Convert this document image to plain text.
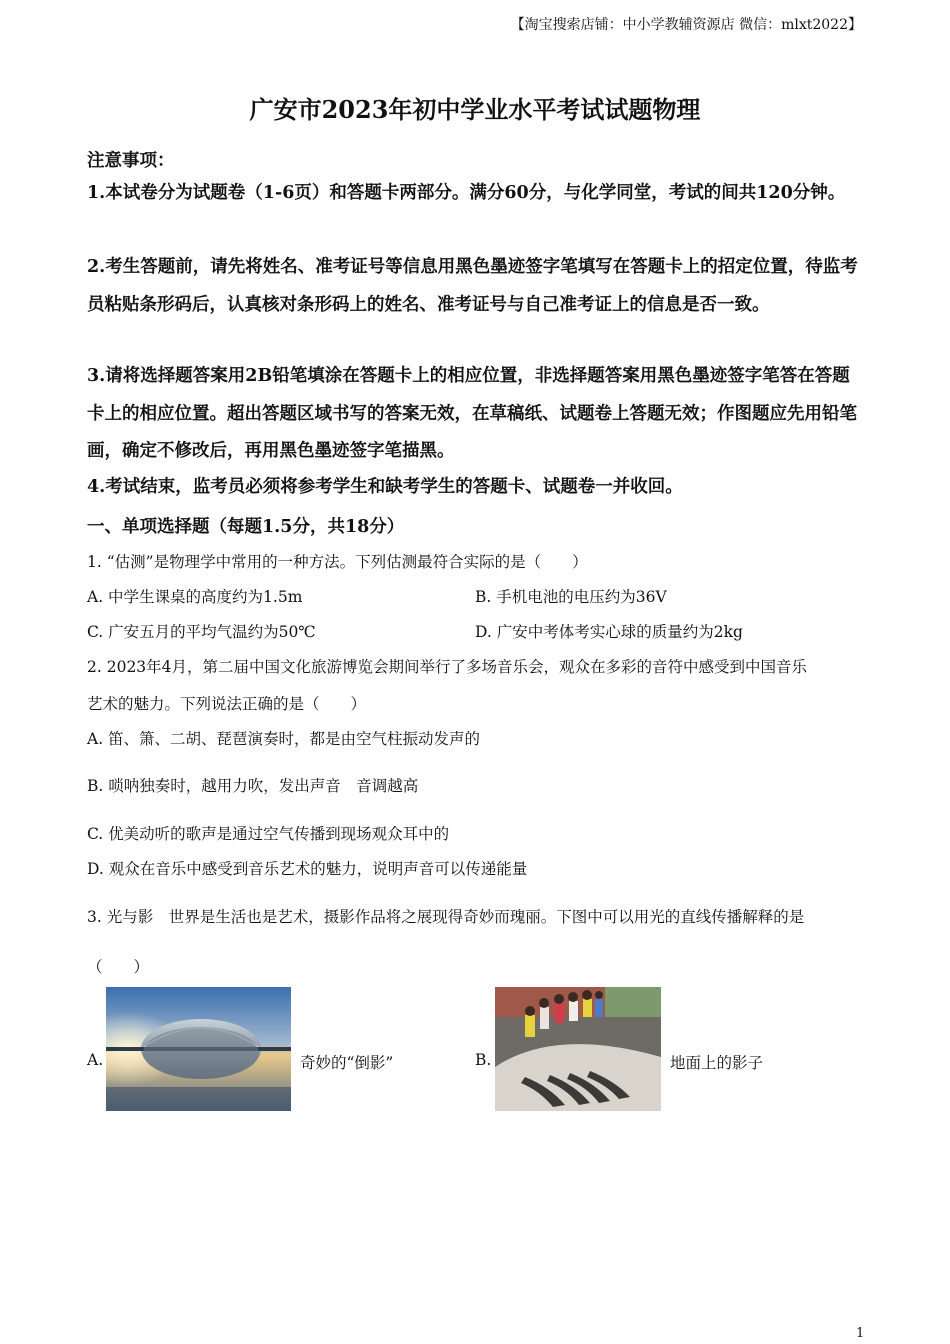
【淘宝搜索店铺：中小学教辅资源店 微信：mlxt2022】
广安市2023年初中学业水平考试试题物理
注意事项：
1.本试卷分为试题卷（1-6页）和答题卡两部分。满分60分，与化学同堂，考试的间共120分钟。
2.考生答题前，请先将姓名、准考证号等信息用黑色墨迹签字笔填写在答题卡上的招定位置，待监考员粘贴条形码后，认真核对条形码上的姓名、准考证号与自己准考证上的信息是否一致。
3.请将选择题答案用2B铅笔填涂在答题卡上的相应位置，非选择题答案用黑色墨迹签字笔答在答题卡上的相应位置。超出答题区域书写的答案无效，在草稿纸、试题卷上答题无效；作图题应先用铅笔画，确定不修改后，再用黑色墨迹签字笔描黑。
4.考试结束，监考员必须将参考学生和缺考学生的答题卡、试题卷一并收回。
一、单项选择题（每题1.5分，共18分）
1. “估测”是物理学中常用的一种方法。下列估测最符合实际的是（　　）
A. 中学生课桌的高度约为1.5m	B. 手机电池的电压约为36V
C. 广安五月的平均气温约为50℃	D. 广安中考体考实心球的质量约为2kg
2. 2023年4月，第二届中国文化旅游博览会期间举行了多场音乐会，观众在多彩的音符中感受到中国音乐
艺术的魅力。下列说法正确的是（　　）
A. 笛、箫、二胡、琵琶演奏时，都是由空气柱振动发声的
B. 唢呐独奏时，越用力吹，发出声音　音调越高
C. 优美动听的歌声是通过空气传播到现场观众耳中的
D. 观众在音乐中感受到音乐艺术的魅力，说明声音可以传递能量
3. 光与影　世界是生活也是艺术，摄影作品将之展现得奇妙而瑰丽。下图中可以用光的直线传播解释的是
（　　）
A.	奇妙的“倒影”	B.	地面上的影子
1
